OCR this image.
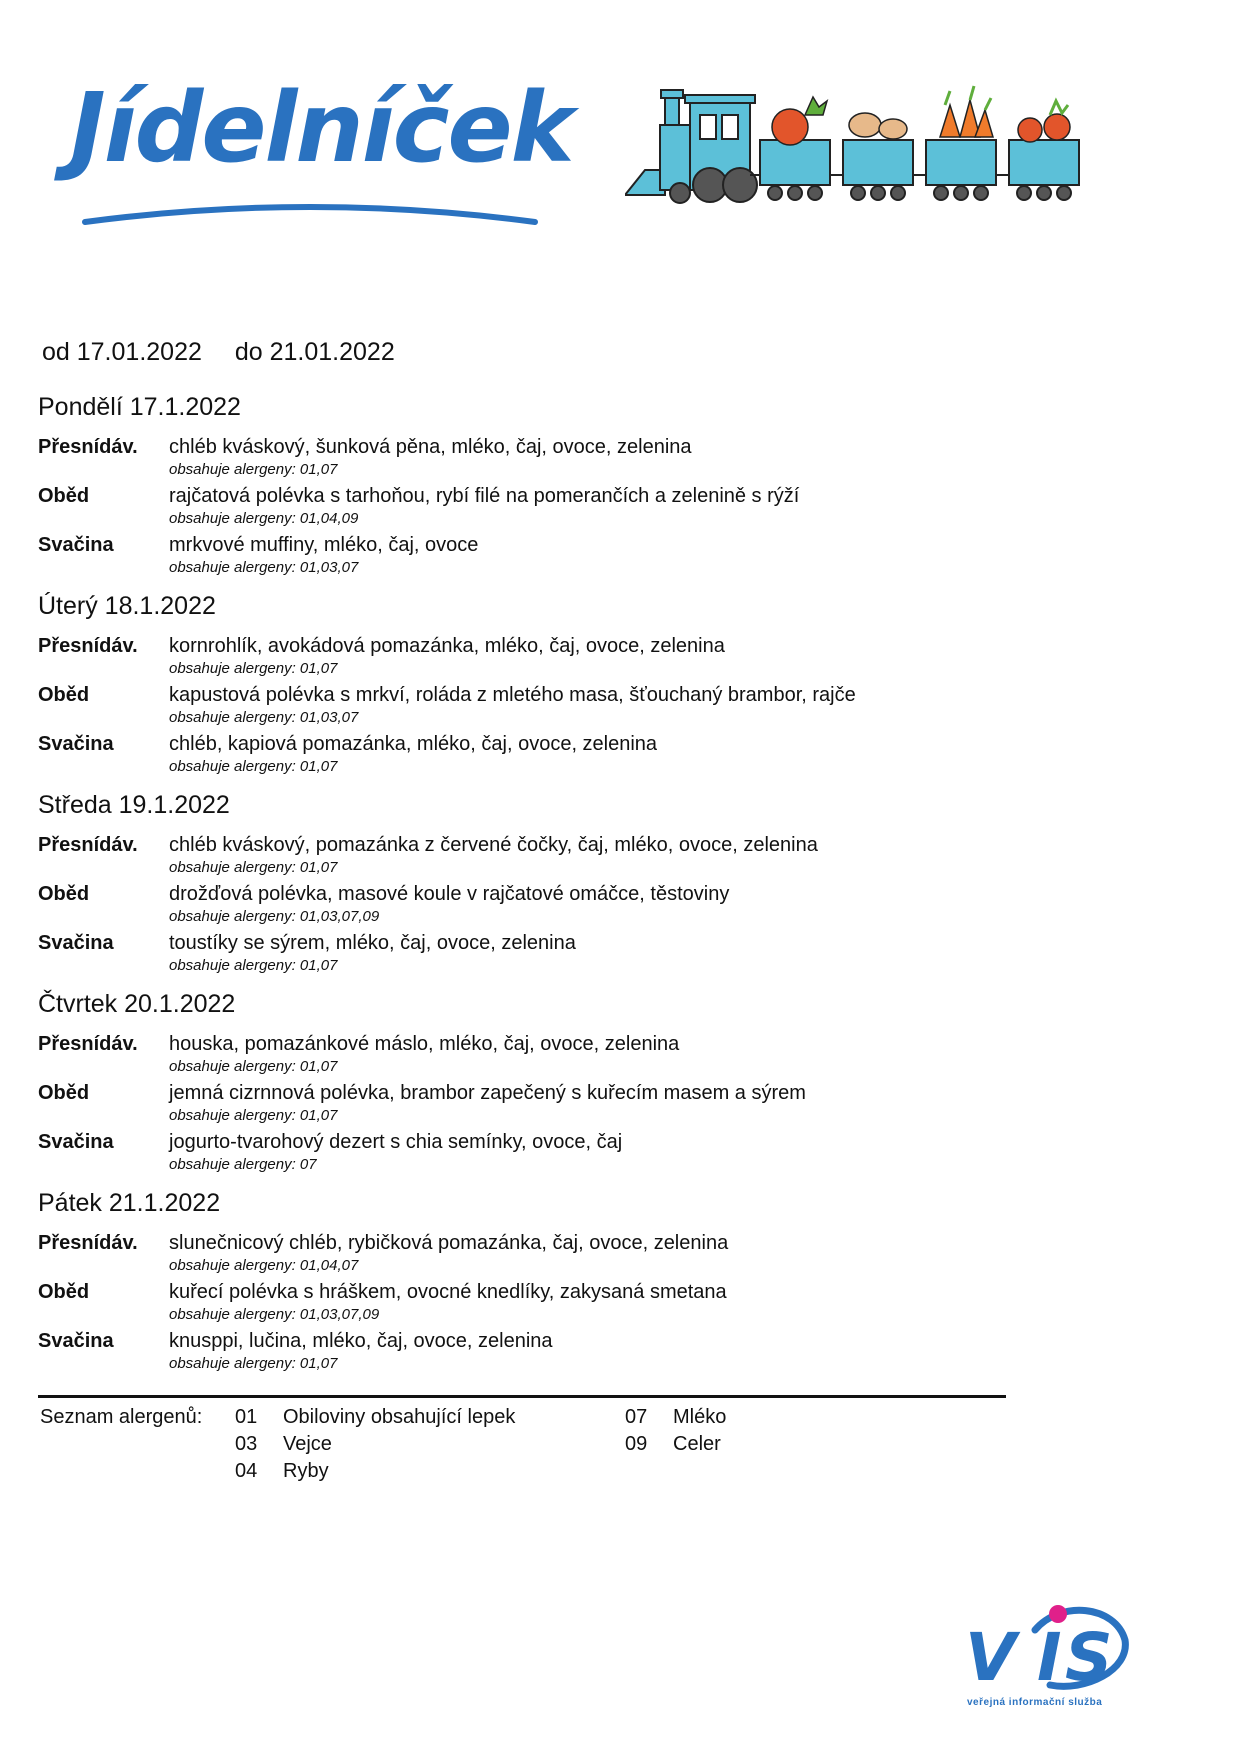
Jídelníček
od 17.01.2022 do 21.01.2022
Pondělí 17.1.2022
Přesnídáv. chléb kváskový, šunková pěna, mléko, čaj, ovoce, zelenina
obsahuje alergeny: 01,07
Oběd	rajčatová polévka s tarhoňou, rybí filé na pomerančích a zelenině s rýží
obsahuje alergeny: 01,04,09
Svačina	mrkvové muffiny, mléko, čaj, ovoce
obsahuje alergeny: 01,03,07
Úterý 18.1.2022
Přesnídáv. kornrohlík, avokádová pomazánka, mléko, čaj, ovoce, zelenina
obsahuje alergeny: 01,07
Oběd	kapustová polévka s mrkví, roláda z mletého masa, šťouchaný brambor, rajče
obsahuje alergeny: 01,03,07
Svačina	chléb, kapiová pomazánka, mléko, čaj, ovoce, zelenina
obsahuje alergeny: 01,07
Středa 19.1.2022
Přesnídáv. chléb kváskový, pomazánka z červené čočky, čaj, mléko, ovoce, zelenina
obsahuje alergeny: 01,07
Oběd	drožďová polévka, masové koule v rajčatové omáčce, těstoviny
obsahuje alergeny: 01,03,07,09
Svačina	toustíky se sýrem, mléko, čaj, ovoce, zelenina
obsahuje alergeny: 01,07
Čtvrtek 20.1.2022
Přesnídáv. houska, pomazánkové máslo, mléko, čaj, ovoce, zelenina
obsahuje alergeny: 01,07
Oběd	jemná cizrnnová polévka, brambor zapečený s kuřecím masem a sýrem
obsahuje alergeny: 01,07
Svačina	jogurto-tvarohový dezert s chia semínky, ovoce, čaj
obsahuje alergeny: 07
Pátek 21.1.2022
Přesnídáv. slunečnicový chléb, rybičková pomazánka, čaj, ovoce, zelenina
obsahuje alergeny: 01,04,07
Oběd	kuřecí polévka s hráškem, ovocné knedlíky, zakysaná smetana
obsahuje alergeny: 01,03,07,09
Svačina	knusppi, lučina, mléko, čaj, ovoce, zelenina
obsahuje alergeny: 01,07
Seznam alergenů: 01 Obiloviny obsahující lepek
03 Vejce
04 Ryby
07 Mléko
09 Celer
V I S
veřejná informační služba
